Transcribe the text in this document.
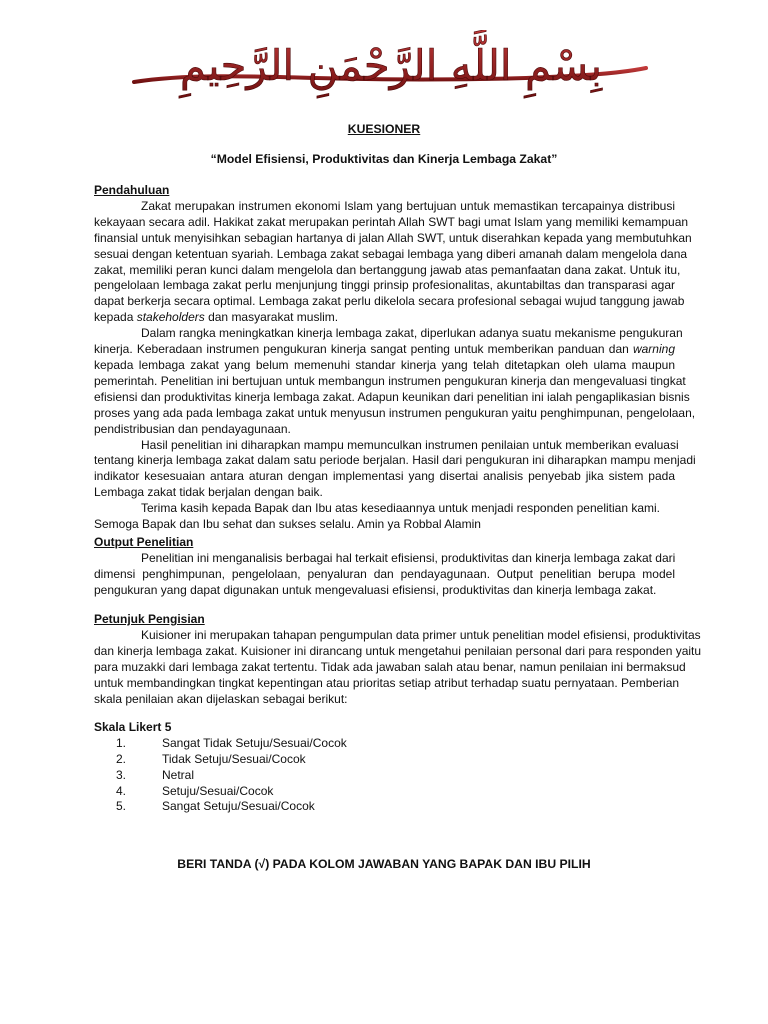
بِسْمِ اللَّهِ الرَّحْمَنِ الرَّحِيمِ
KUESIONER
“Model Efisiensi, Produktivitas dan Kinerja Lembaga Zakat”
Pendahuluan
Zakat merupakan instrumen ekonomi Islam yang bertujuan untuk memastikan tercapainya distribusi
kekayaan secara adil. Hakikat zakat merupakan perintah Allah SWT bagi umat Islam yang memiliki kemampuan
finansial untuk menyisihkan sebagian hartanya di jalan Allah SWT, untuk diserahkan kepada yang membutuhkan
sesuai dengan ketentuan syariah. Lembaga zakat sebagai lembaga yang diberi amanah dalam mengelola dana
zakat, memiliki peran kunci dalam mengelola dan bertanggung jawab atas pemanfaatan dana zakat. Untuk itu,
pengelolaan lembaga zakat perlu menjunjung tinggi prinsip profesionalitas, akuntabiltas dan transparasi agar
dapat berkerja secara optimal. Lembaga zakat perlu dikelola secara profesional sebagai wujud tanggung jawab
kepada stakeholders dan masyarakat muslim.
Dalam rangka meningkatkan kinerja lembaga zakat, diperlukan adanya suatu mekanisme pengukuran
kinerja. Keberadaan instrumen pengukuran kinerja sangat penting untuk memberikan panduan dan warning
kepada lembaga zakat yang belum memenuhi standar kinerja yang telah ditetapkan oleh ulama maupun
pemerintah. Penelitian ini bertujuan untuk membangun instrumen pengukuran kinerja dan mengevaluasi tingkat
efisiensi dan produktivitas kinerja lembaga zakat. Adapun keunikan dari penelitian ini ialah pengaplikasian bisnis
proses yang ada pada lembaga zakat untuk menyusun instrumen pengukuran yaitu penghimpunan, pengelolaan,
pendistribusian dan pendayagunaan.
Hasil penelitian ini diharapkan mampu memunculkan instrumen penilaian untuk memberikan evaluasi
tentang kinerja lembaga zakat dalam satu periode berjalan. Hasil dari pengukuran ini diharapkan mampu menjadi
indikator kesesuaian antara aturan dengan implementasi yang disertai analisis penyebab jika sistem pada
Lembaga zakat tidak berjalan dengan baik.
Terima kasih kepada Bapak dan Ibu atas kesediaannya untuk menjadi responden penelitian kami.
Semoga Bapak dan Ibu sehat dan sukses selalu. Amin ya Robbal Alamin
Output Penelitian
Penelitian ini menganalisis berbagai hal terkait efisiensi, produktivitas dan kinerja lembaga zakat dari
dimensi penghimpunan, pengelolaan, penyaluran dan pendayagunaan. Output penelitian berupa model
pengukuran yang dapat digunakan untuk mengevaluasi efisiensi, produktivitas dan kinerja lembaga zakat.
Petunjuk Pengisian
Kuisioner ini merupakan tahapan pengumpulan data primer untuk penelitian model efisiensi, produktivitas
dan kinerja lembaga zakat. Kuisioner ini dirancang untuk mengetahui penilaian personal dari para responden yaitu
para muzakki dari lembaga zakat tertentu. Tidak ada jawaban salah atau benar, namun penilaian ini bermaksud
untuk membandingkan tingkat kepentingan atau prioritas setiap atribut terhadap suatu pernyataan. Pemberian
skala penilaian akan dijelaskan sebagai berikut:
Skala Likert 5
1.	Sangat Tidak Setuju/Sesuai/Cocok
2.	Tidak Setuju/Sesuai/Cocok
3.	Netral
4.	Setuju/Sesuai/Cocok
5.	Sangat Setuju/Sesuai/Cocok
BERI TANDA (√) PADA KOLOM JAWABAN YANG BAPAK DAN IBU PILIH
